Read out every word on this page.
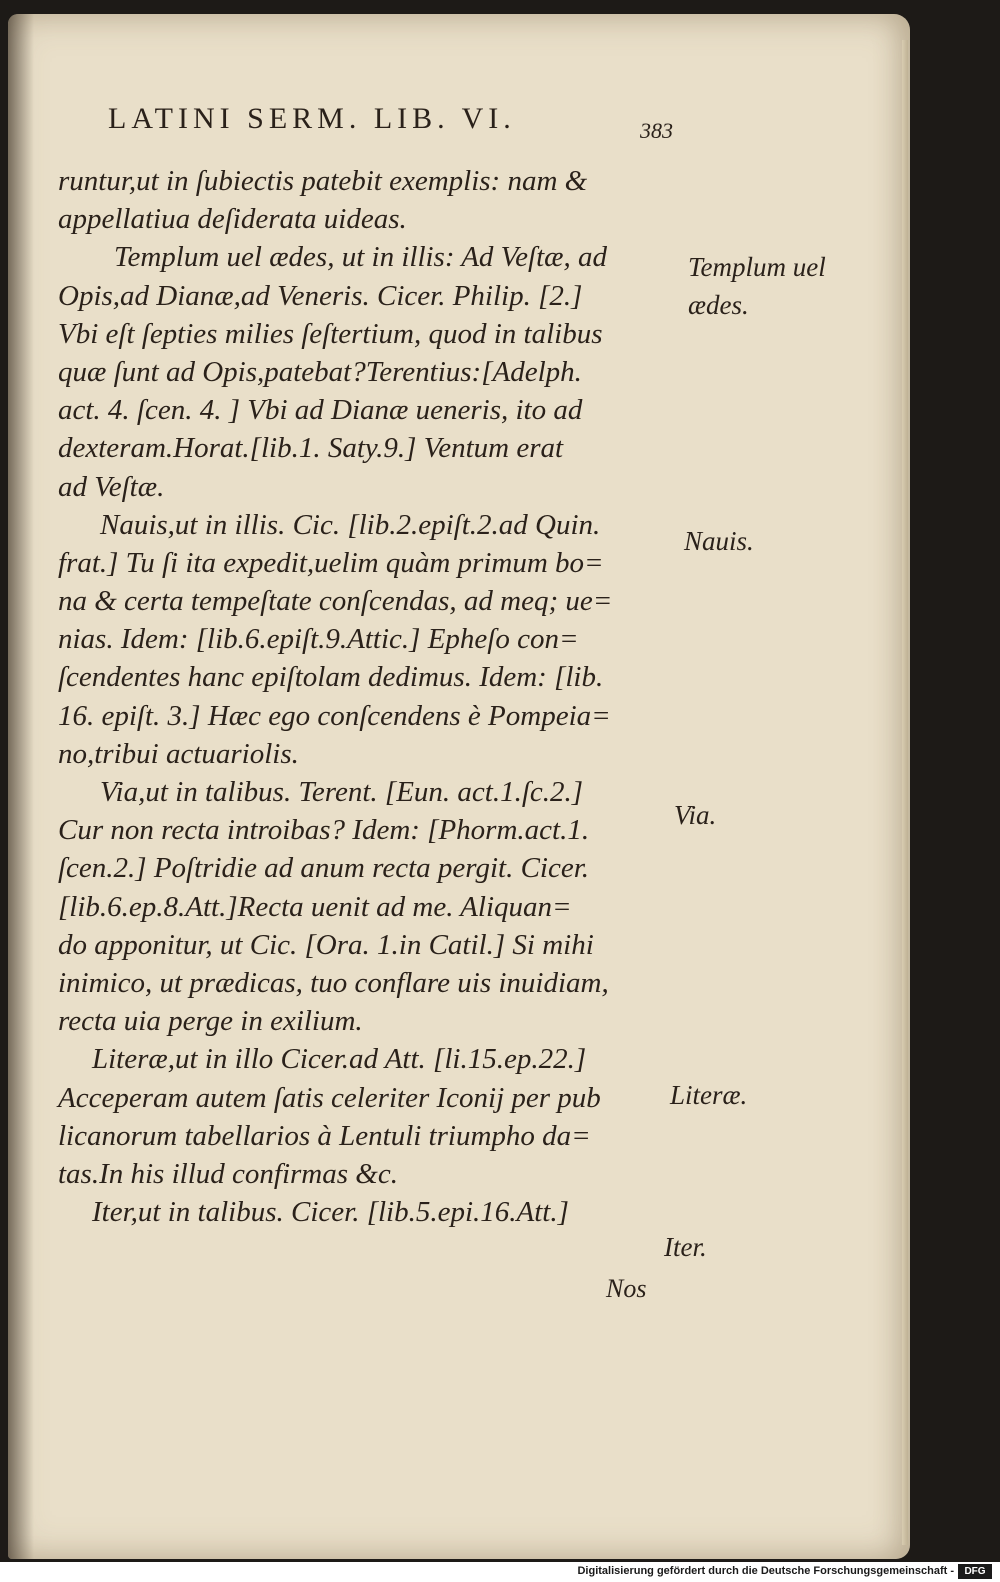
LATINI SERM. LIB. VI.	383
runtur,ut in ſubiectis patebit exemplis: nam &
appellatiua deſiderata uideas.
Templum uel ædes, ut in illis: Ad Veſtæ, ad
Opis,ad Dianæ,ad Veneris. Cicer. Philip. [2.]
Vbi eſt ſepties milies ſeſtertium, quod in talibus
quæ ſunt ad Opis,patebat?Terentius:[Adelph.
act. 4. ſcen. 4. ] Vbi ad Dianæ ueneris, ito ad
dexteram.Horat.[lib.1. Saty.9.] Ventum erat
ad Veſtæ.
Nauis,ut in illis. Cic. [lib.2.epiſt.2.ad Quin.
frat.] Tu ſi ita expedit,uelim quàm primum bo=
na & certa tempeſtate conſcendas, ad meq; ue=
nias. Idem: [lib.6.epiſt.9.Attic.] Epheſo con=
ſcendentes hanc epiſtolam dedimus. Idem: [lib.
16. epiſt. 3.] Hæc ego conſcendens è Pompeia=
no,tribui actuariolis.
Via,ut in talibus. Terent. [Eun. act.1.ſc.2.]
Cur non recta introibas? Idem: [Phorm.act.1.
ſcen.2.] Poſtridie ad anum recta pergit. Cicer.
[lib.6.ep.8.Att.]Recta uenit ad me. Aliquan=
do apponitur, ut Cic. [Ora. 1.in Catil.] Si mihi
inimico, ut prædicas, tuo conflare uis inuidiam,
recta uia perge in exilium.
Literæ,ut in illo Cicer.ad Att. [li.15.ep.22.]
Acceperam autem ſatis celeriter Iconij per pub
licanorum tabellarios à Lentuli triumpho da=
tas.In his illud confirmas &c.
Iter,ut in talibus. Cicer. [lib.5.epi.16.Att.]
Templum uel
ædes.
Nauis.
Via.
Literæ.
Iter.
Nos
Digitalisierung gefördert durch die Deutsche Forschungsgemeinschaft -	DFG
